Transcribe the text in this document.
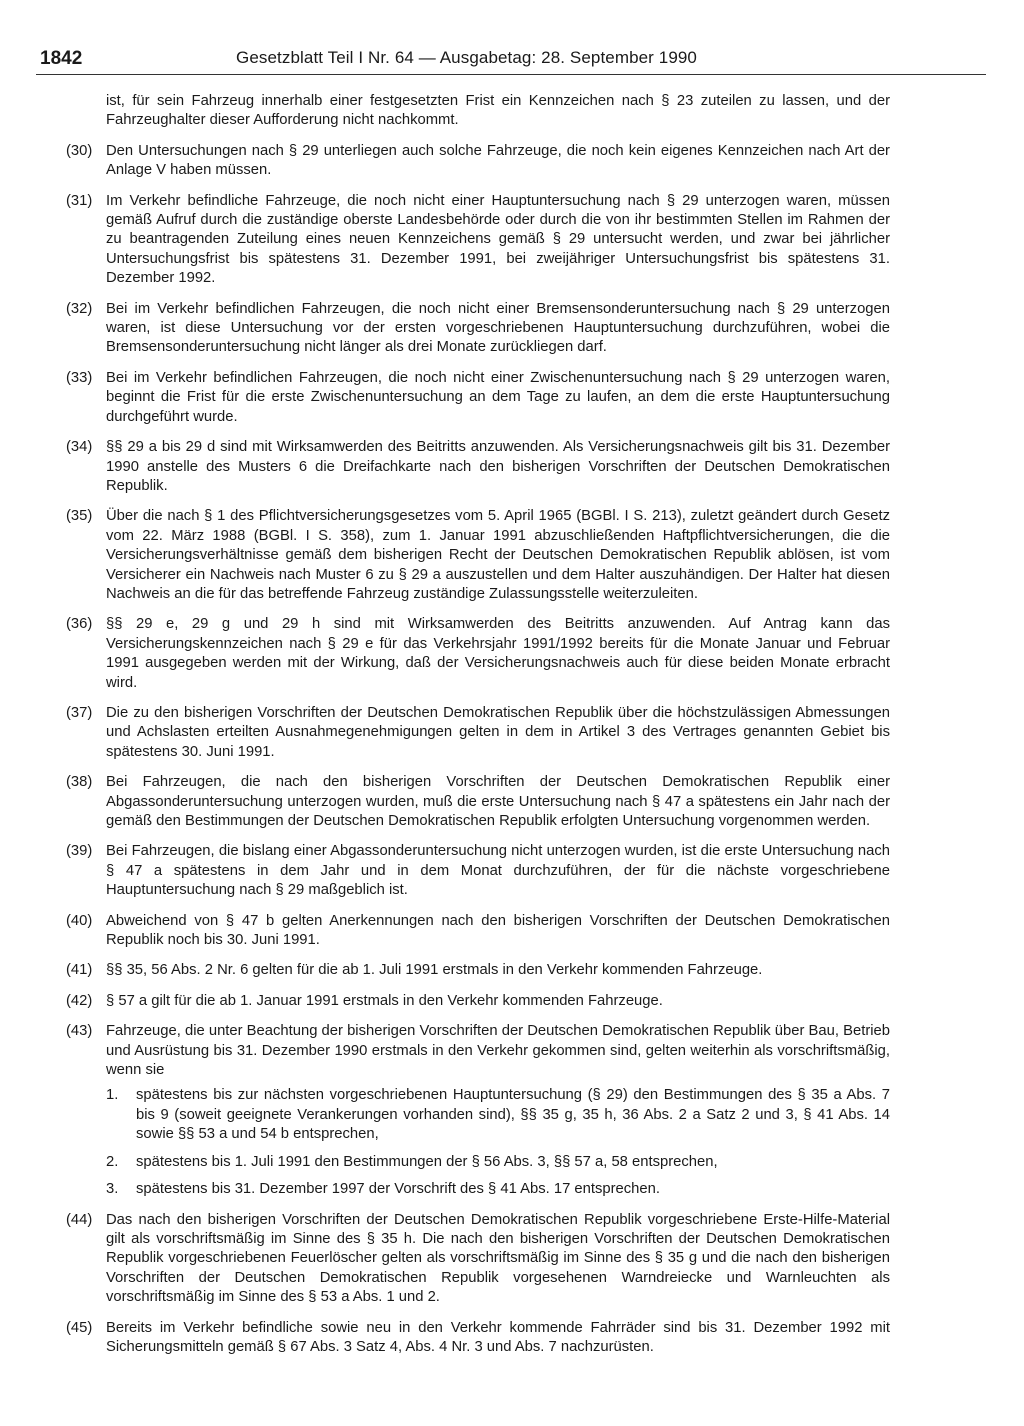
1842	Gesetzblatt Teil I Nr. 64 — Ausgabetag: 28. September 1990

ist, für sein Fahrzeug innerhalb einer festgesetzten Frist ein Kennzeichen nach § 23 zuteilen zu lassen, und der Fahrzeughalter dieser Aufforderung nicht nachkommt.

(30) Den Untersuchungen nach § 29 unterliegen auch solche Fahrzeuge, die noch kein eigenes Kennzeichen nach Art der Anlage V haben müssen.
(31) Im Verkehr befindliche Fahrzeuge, die noch nicht einer Hauptuntersuchung nach § 29 unterzogen waren, müssen gemäß Aufruf durch die zuständige oberste Landesbehörde oder durch die von ihr bestimmten Stellen im Rahmen der zu beantragenden Zuteilung eines neuen Kennzeichens gemäß § 29 untersucht werden, und zwar bei jährlicher Untersuchungsfrist bis spätestens 31. Dezember 1991, bei zweijähriger Untersuchungsfrist bis spätestens 31. Dezember 1992.
(32) Bei im Verkehr befindlichen Fahrzeugen, die noch nicht einer Bremsensonderuntersuchung nach § 29 unterzogen waren, ist diese Untersuchung vor der ersten vorgeschriebenen Hauptuntersuchung durchzuführen, wobei die Bremsensonderuntersuchung nicht länger als drei Monate zurückliegen darf.
(33) Bei im Verkehr befindlichen Fahrzeugen, die noch nicht einer Zwischenuntersuchung nach § 29 unterzogen waren, beginnt die Frist für die erste Zwischenuntersuchung an dem Tage zu laufen, an dem die erste Hauptuntersuchung durchgeführt wurde.
(34) §§ 29 a bis 29 d sind mit Wirksamwerden des Beitritts anzuwenden. Als Versicherungsnachweis gilt bis 31. Dezember 1990 anstelle des Musters 6 die Dreifachkarte nach den bisherigen Vorschriften der Deutschen Demokratischen Republik.
(35) Über die nach § 1 des Pflichtversicherungsgesetzes vom 5. April 1965 (BGBl. I S. 213), zuletzt geändert durch Gesetz vom 22. März 1988 (BGBl. I S. 358), zum 1. Januar 1991 abzuschließenden Haftpflichtversicherungen, die die Versicherungsverhältnisse gemäß dem bisherigen Recht der Deutschen Demokratischen Republik ablösen, ist vom Versicherer ein Nachweis nach Muster 6 zu § 29 a auszustellen und dem Halter auszuhändigen. Der Halter hat diesen Nachweis an die für das betreffende Fahrzeug zuständige Zulassungsstelle weiterzuleiten.
(36) §§ 29 e, 29 g und 29 h sind mit Wirksamwerden des Beitritts anzuwenden. Auf Antrag kann das Versicherungskennzeichen nach § 29 e für das Verkehrsjahr 1991/1992 bereits für die Monate Januar und Februar 1991 ausgegeben werden mit der Wirkung, daß der Versicherungsnachweis auch für diese beiden Monate erbracht wird.
(37) Die zu den bisherigen Vorschriften der Deutschen Demokratischen Republik über die höchstzulässigen Abmessungen und Achslasten erteilten Ausnahmegenehmigungen gelten in dem in Artikel 3 des Vertrages genannten Gebiet bis spätestens 30. Juni 1991.
(38) Bei Fahrzeugen, die nach den bisherigen Vorschriften der Deutschen Demokratischen Republik einer Abgassonderuntersuchung unterzogen wurden, muß die erste Untersuchung nach § 47 a spätestens ein Jahr nach der gemäß den Bestimmungen der Deutschen Demokratischen Republik erfolgten Untersuchung vorgenommen werden.
(39) Bei Fahrzeugen, die bislang einer Abgassonderuntersuchung nicht unterzogen wurden, ist die erste Untersuchung nach § 47 a spätestens in dem Jahr und in dem Monat durchzuführen, der für die nächste vorgeschriebene Hauptuntersuchung nach § 29 maßgeblich ist.
(40) Abweichend von § 47 b gelten Anerkennungen nach den bisherigen Vorschriften der Deutschen Demokratischen Republik noch bis 30. Juni 1991.
(41) §§ 35, 56 Abs. 2 Nr. 6 gelten für die ab 1. Juli 1991 erstmals in den Verkehr kommenden Fahrzeuge.
(42) § 57 a gilt für die ab 1. Januar 1991 erstmals in den Verkehr kommenden Fahrzeuge.
(43) Fahrzeuge, die unter Beachtung der bisherigen Vorschriften der Deutschen Demokratischen Republik über Bau, Betrieb und Ausrüstung bis 31. Dezember 1990 erstmals in den Verkehr gekommen sind, gelten weiterhin als vorschriftsmäßig, wenn sie
1. spätestens bis zur nächsten vorgeschriebenen Hauptuntersuchung (§ 29) den Bestimmungen des § 35 a Abs. 7 bis 9 (soweit geeignete Verankerungen vorhanden sind), §§ 35 g, 35 h, 36 Abs. 2 a Satz 2 und 3, § 41 Abs. 14 sowie §§ 53 a und 54 b entsprechen,
2. spätestens bis 1. Juli 1991 den Bestimmungen der § 56 Abs. 3, §§ 57 a, 58 entsprechen,
3. spätestens bis 31. Dezember 1997 der Vorschrift des § 41 Abs. 17 entsprechen.
(44) Das nach den bisherigen Vorschriften der Deutschen Demokratischen Republik vorgeschriebene Erste-Hilfe-Material gilt als vorschriftsmäßig im Sinne des § 35 h. Die nach den bisherigen Vorschriften der Deutschen Demokratischen Republik vorgeschriebenen Feuerlöscher gelten als vorschriftsmäßig im Sinne des § 35 g und die nach den bisherigen Vorschriften der Deutschen Demokratischen Republik vorgesehenen Warndreiecke und Warnleuchten als vorschriftsmäßig im Sinne des § 53 a Abs. 1 und 2.
(45) Bereits im Verkehr befindliche sowie neu in den Verkehr kommende Fahrräder sind bis 31. Dezember 1992 mit Sicherungsmitteln gemäß § 67 Abs. 3 Satz 4, Abs. 4 Nr. 3 und Abs. 7 nachzurüsten.
